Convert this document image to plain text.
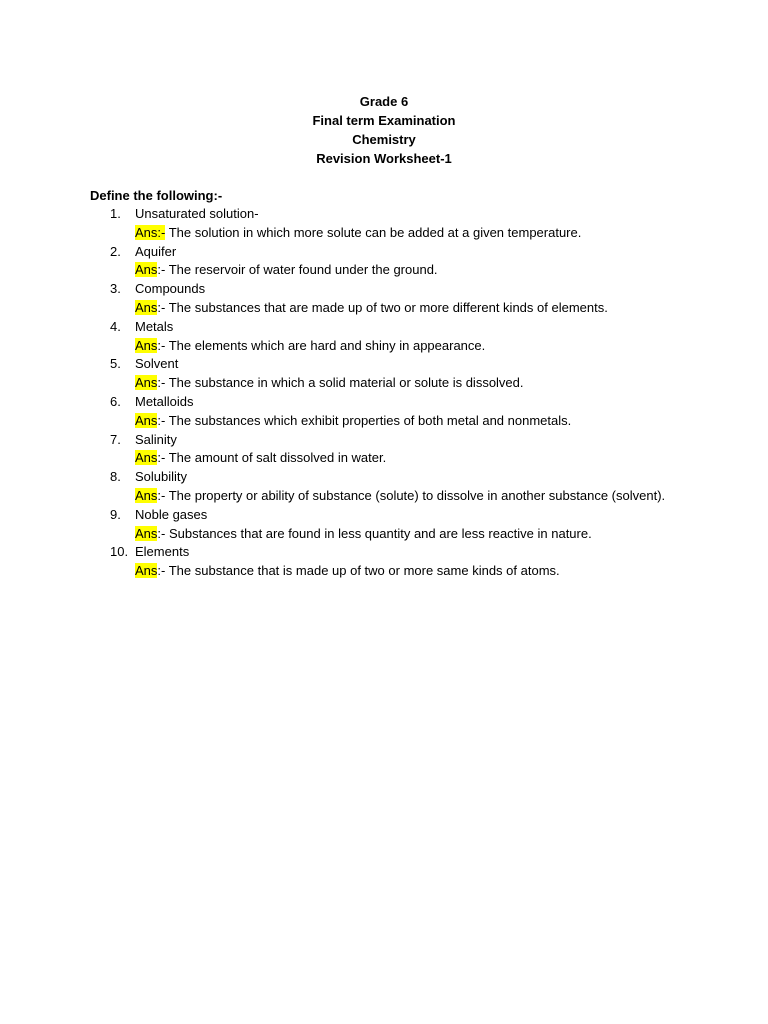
Grade 6
Final term Examination
Chemistry
Revision Worksheet-1
Define the following:-
1.	Unsaturated solution-
Ans:- The solution in which more solute can be added at a given temperature.
2.	Aquifer
Ans:- The reservoir of water found under the ground.
3.	Compounds
Ans:- The substances that are made up of two or more different kinds of elements.
4.	Metals
Ans:- The elements which are hard and shiny in appearance.
5.	Solvent
Ans:- The substance in which a solid material or solute is dissolved.
6.	Metalloids
Ans:- The substances which exhibit properties of both metal and nonmetals.
7.	Salinity
Ans:- The amount of salt dissolved in water.
8.	Solubility
Ans:- The property or ability of substance (solute) to dissolve in another substance (solvent).
9.	Noble gases
Ans:- Substances that are found in less quantity and are less reactive in nature.
10. Elements
Ans:- The substance that is made up of two or more same kinds of atoms.
